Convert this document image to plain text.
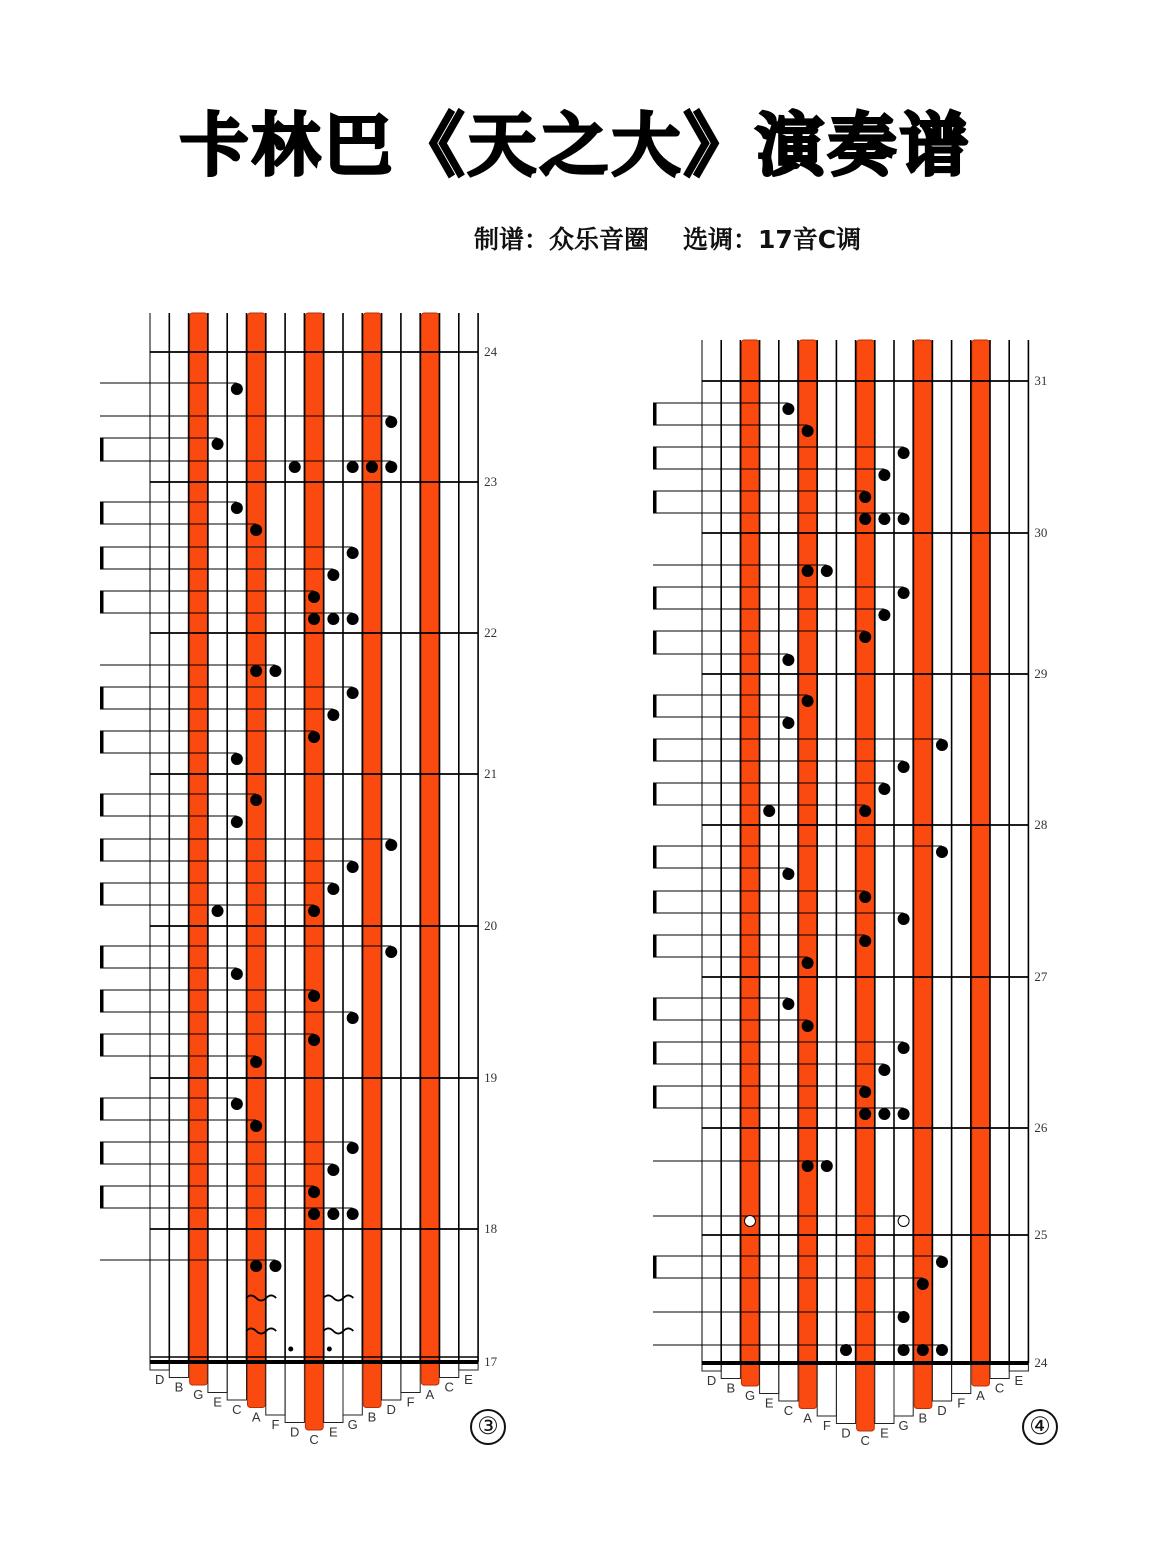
卡林巴《天之大》演奏谱
制谱：众乐音圈 选调：17音C调
D B G E C A F D C E G B D F A C E
24
23
22
21
20
19
18
17
D B G E C A F D C E G B D F A C E
31
30
29
28
27
26
25
24
③	④
